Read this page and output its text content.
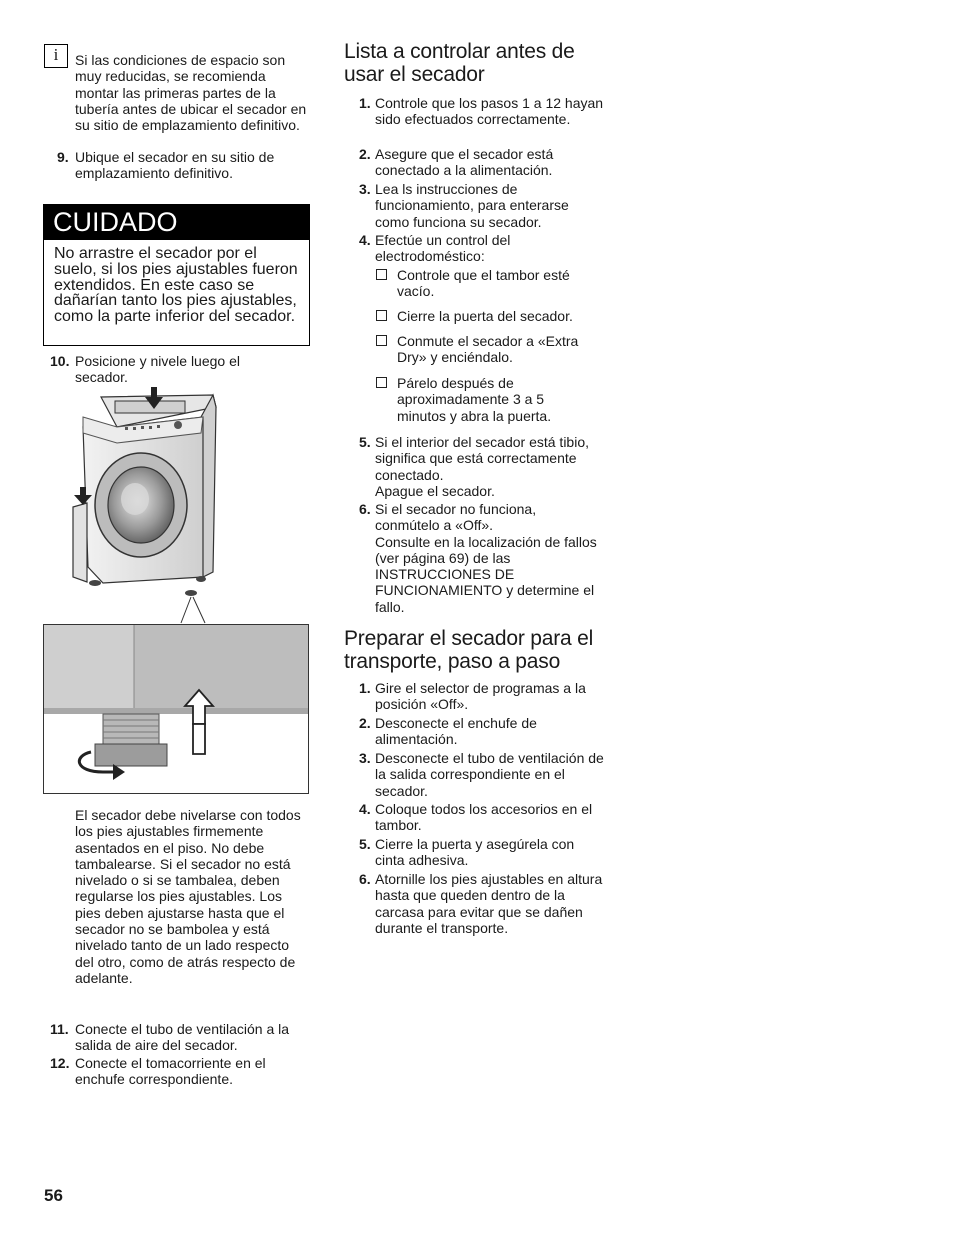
i	Si las condiciones de espacio son muy reducidas, se recomienda montar las primeras partes de la tubería antes de ubicar el secador en su sitio de emplazamiento definitivo.
9. Ubique el secador en su sitio de emplazamiento definitivo.
CUIDADO
No arrastre el secador por el suelo, si los pies ajustables fueron extendidos. En este caso se dañarían tanto los pies ajustables, como la parte inferior del secador.
10. Posicione y nivele luego el secador.
El secador debe nivelarse con todos los pies ajustables firmemente asentados en el piso. No debe tambalearse. Si el secador no está nivelado o si se tambalea, deben regularse los pies ajustables. Los pies deben ajustarse hasta que el secador no se bambolea y está nivelado tanto de un lado respecto del otro, como de atrás respecto de adelante.
11. Conecte el tubo de ventilación a la salida de aire del secador.
12. Conecte el tomacorriente en el enchufe correspondiente.
Lista a controlar antes de usar el secador
1. Controle que los pasos 1 a 12 hayan sido efectuados correctamente.
2. Asegure que el secador está conectado a la alimentación.
3. Lea ls instrucciones de funcionamiento, para enterarse como funciona su secador.
4. Efectúe un control del electrodoméstico:
Controle que el tambor esté vacío.
Cierre la puerta del secador.
Conmute el secador a «Extra Dry» y enciéndalo.
Párelo después de aproximadamente 3 a 5 minutos y abra la puerta.
5. Si el interior del secador está tibio, significa que está correctamente conectado.
Apague el secador.
6. Si el secador no funciona, conmútelo a «Off».
Consulte en la localización de fallos (ver página 69) de las INSTRUCCIONES DE FUNCIONAMIENTO y determine el fallo.
Preparar el secador para el transporte, paso a paso
1. Gire el selector de programas a la posición «Off».
2. Desconecte el enchufe de alimentación.
3. Desconecte el tubo de ventilación de la salida correspondiente en el secador.
4. Coloque todos los accesorios en el tambor.
5. Cierre la puerta y asegúrela con cinta adhesiva.
6. Atornille los pies ajustables en altura hasta que queden dentro de la carcasa para evitar que se dañen durante el transporte.
56
